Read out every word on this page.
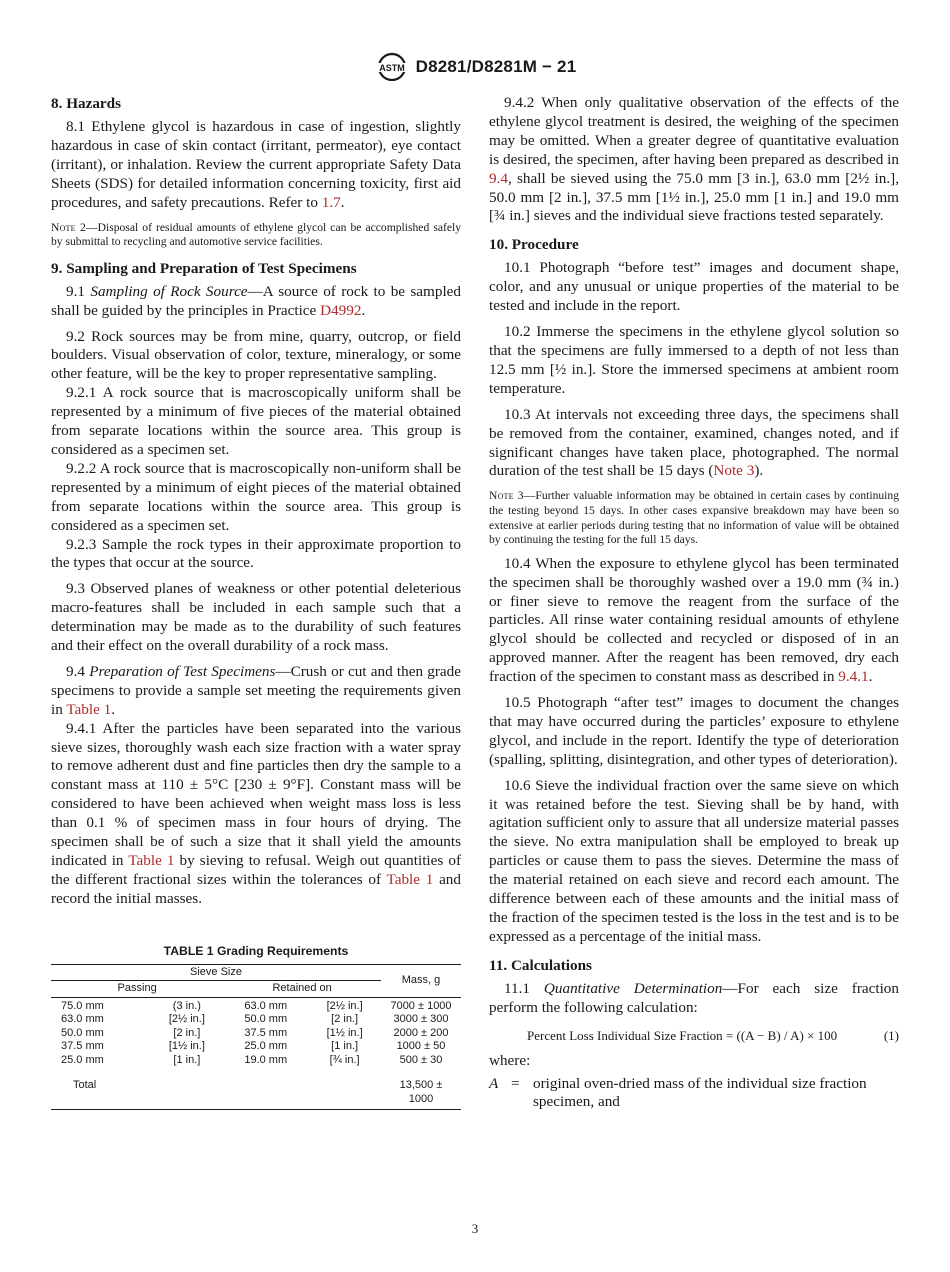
ASTM D8281/D8281M − 21
8. Hazards

8.1 Ethylene glycol is hazardous in case of ingestion, slightly hazardous in case of skin contact (irritant, permeator), eye contact (irritant), or inhalation. Review the current appropriate Safety Data Sheets (SDS) for detailed information concerning toxicity, first aid procedures, and safety precautions. Refer to 1.7.

Note 2—Disposal of residual amounts of ethylene glycol can be accomplished safely by submittal to recycling and automotive service facilities.

9. Sampling and Preparation of Test Specimens

9.1 Sampling of Rock Source—A source of rock to be sampled shall be guided by the principles in Practice D4992.

9.2 Rock sources may be from mine, quarry, outcrop, or field boulders. Visual observation of color, texture, mineralogy, or some other feature, will be the key to proper representative sampling.

9.2.1 A rock source that is macroscopically uniform shall be represented by a minimum of five pieces of the material obtained from separate locations within the source area. This group is considered as a specimen set.

9.2.2 A rock source that is macroscopically non-uniform shall be represented by a minimum of eight pieces of the material obtained from separate locations within the source area. This group is considered as a specimen set.

9.2.3 Sample the rock types in their approximate proportion to the types that occur at the source.

9.3 Observed planes of weakness or other potential deleterious macro-features shall be included in each sample such that a determination may be made as to the durability of such features and their effect on the overall durability of a rock mass.

9.4 Preparation of Test Specimens—Crush or cut and then grade specimens to provide a sample set meeting the requirements given in Table 1.

9.4.1 After the particles have been separated into the various sieve sizes, thoroughly wash each size fraction with a water spray to remove adherent dust and fine particles then dry the sample to a constant mass at 110 ± 5°C [230 ± 9°F]. Constant mass will be considered to have been achieved when weight mass loss is less than 0.1 % of specimen mass in four hours of drying. The specimen shall be of such a size that it shall yield the amounts indicated in Table 1 by sieving to refusal. Weigh out quantities of the different fractional sizes within the tolerances of Table 1 and record the initial masses.

TABLE 1 Grading Requirements
Sieve Size				Mass, g
Passing		Retained on		
75.0 mm	(3 in.)	63.0 mm	[2½ in.]	7000 ± 1000
63.0 mm	[2½ in.]	50.0 mm	[2 in.]	3000 ± 300
50.0 mm	[2 in.]	37.5 mm	[1½ in.]	2000 ± 200
37.5 mm	[1½ in.]	25.0 mm	[1 in.]	1000 ± 50
25.0 mm	[1 in.]	19.0 mm	[¾ in.]	500 ± 30
Total				13,500 ±
1000

9.4.2 When only qualitative observation of the effects of the ethylene glycol treatment is desired, the weighing of the specimen may be omitted. When a greater degree of quantitative evaluation is desired, the specimen, after having been prepared as described in 9.4, shall be sieved using the 75.0 mm [3 in.], 63.0 mm [2½ in.], 50.0 mm [2 in.], 37.5 mm [1½ in.], 25.0 mm [1 in.] and 19.0 mm [¾ in.] sieves and the individual sieve fractions tested separately.

10. Procedure

10.1 Photograph “before test” images and document shape, color, and any unusual or unique properties of the material to be tested and include in the report.

10.2 Immerse the specimens in the ethylene glycol solution so that the specimens are fully immersed to a depth of not less than 12.5 mm [½ in.]. Store the immersed specimens at ambient room temperature.

10.3 At intervals not exceeding three days, the specimens shall be removed from the container, examined, changes noted, and if significant changes have taken place, photographed. The normal duration of the test shall be 15 days (Note 3).

Note 3—Further valuable information may be obtained in certain cases by continuing the testing beyond 15 days. In other cases expansive breakdown may have been so extensive at earlier periods during testing that no information of value will be obtained by continuing the testing for the full 15 days.

10.4 When the exposure to ethylene glycol has been terminated the specimen shall be thoroughly washed over a 19.0 mm (¾ in.) or finer sieve to remove the reagent from the surface of the particles. All rinse water containing residual amounts of ethylene glycol should be collected and recycled or disposed of in an approved manner. After the reagent has been removed, dry each fraction of the specimen to constant mass as described in 9.4.1.

10.5 Photograph “after test” images to document the changes that may have occurred during the particles’ exposure to ethylene glycol, and include in the report. Identify the type of deterioration (spalling, splitting, disintegration, and other types of deterioration).

10.6 Sieve the individual fraction over the same sieve on which it was retained before the test. Sieving shall be by hand, with agitation sufficient only to assure that all undersize material passes the sieve. No extra manipulation shall be employed to break up particles or cause them to pass the sieves. Determine the mass of the material retained on each sieve and record each amount. The difference between each of these amounts and the initial mass of the fraction of the specimen tested is the loss in the test and is to be expressed as a percentage of the initial mass.

11. Calculations

11.1 Quantitative Determination—For each size fraction perform the following calculation:

Percent Loss Individual Size Fraction = ((A − B) / A) × 100	(1)

where:

A = original oven-dried mass of the individual size fraction specimen, and
3
